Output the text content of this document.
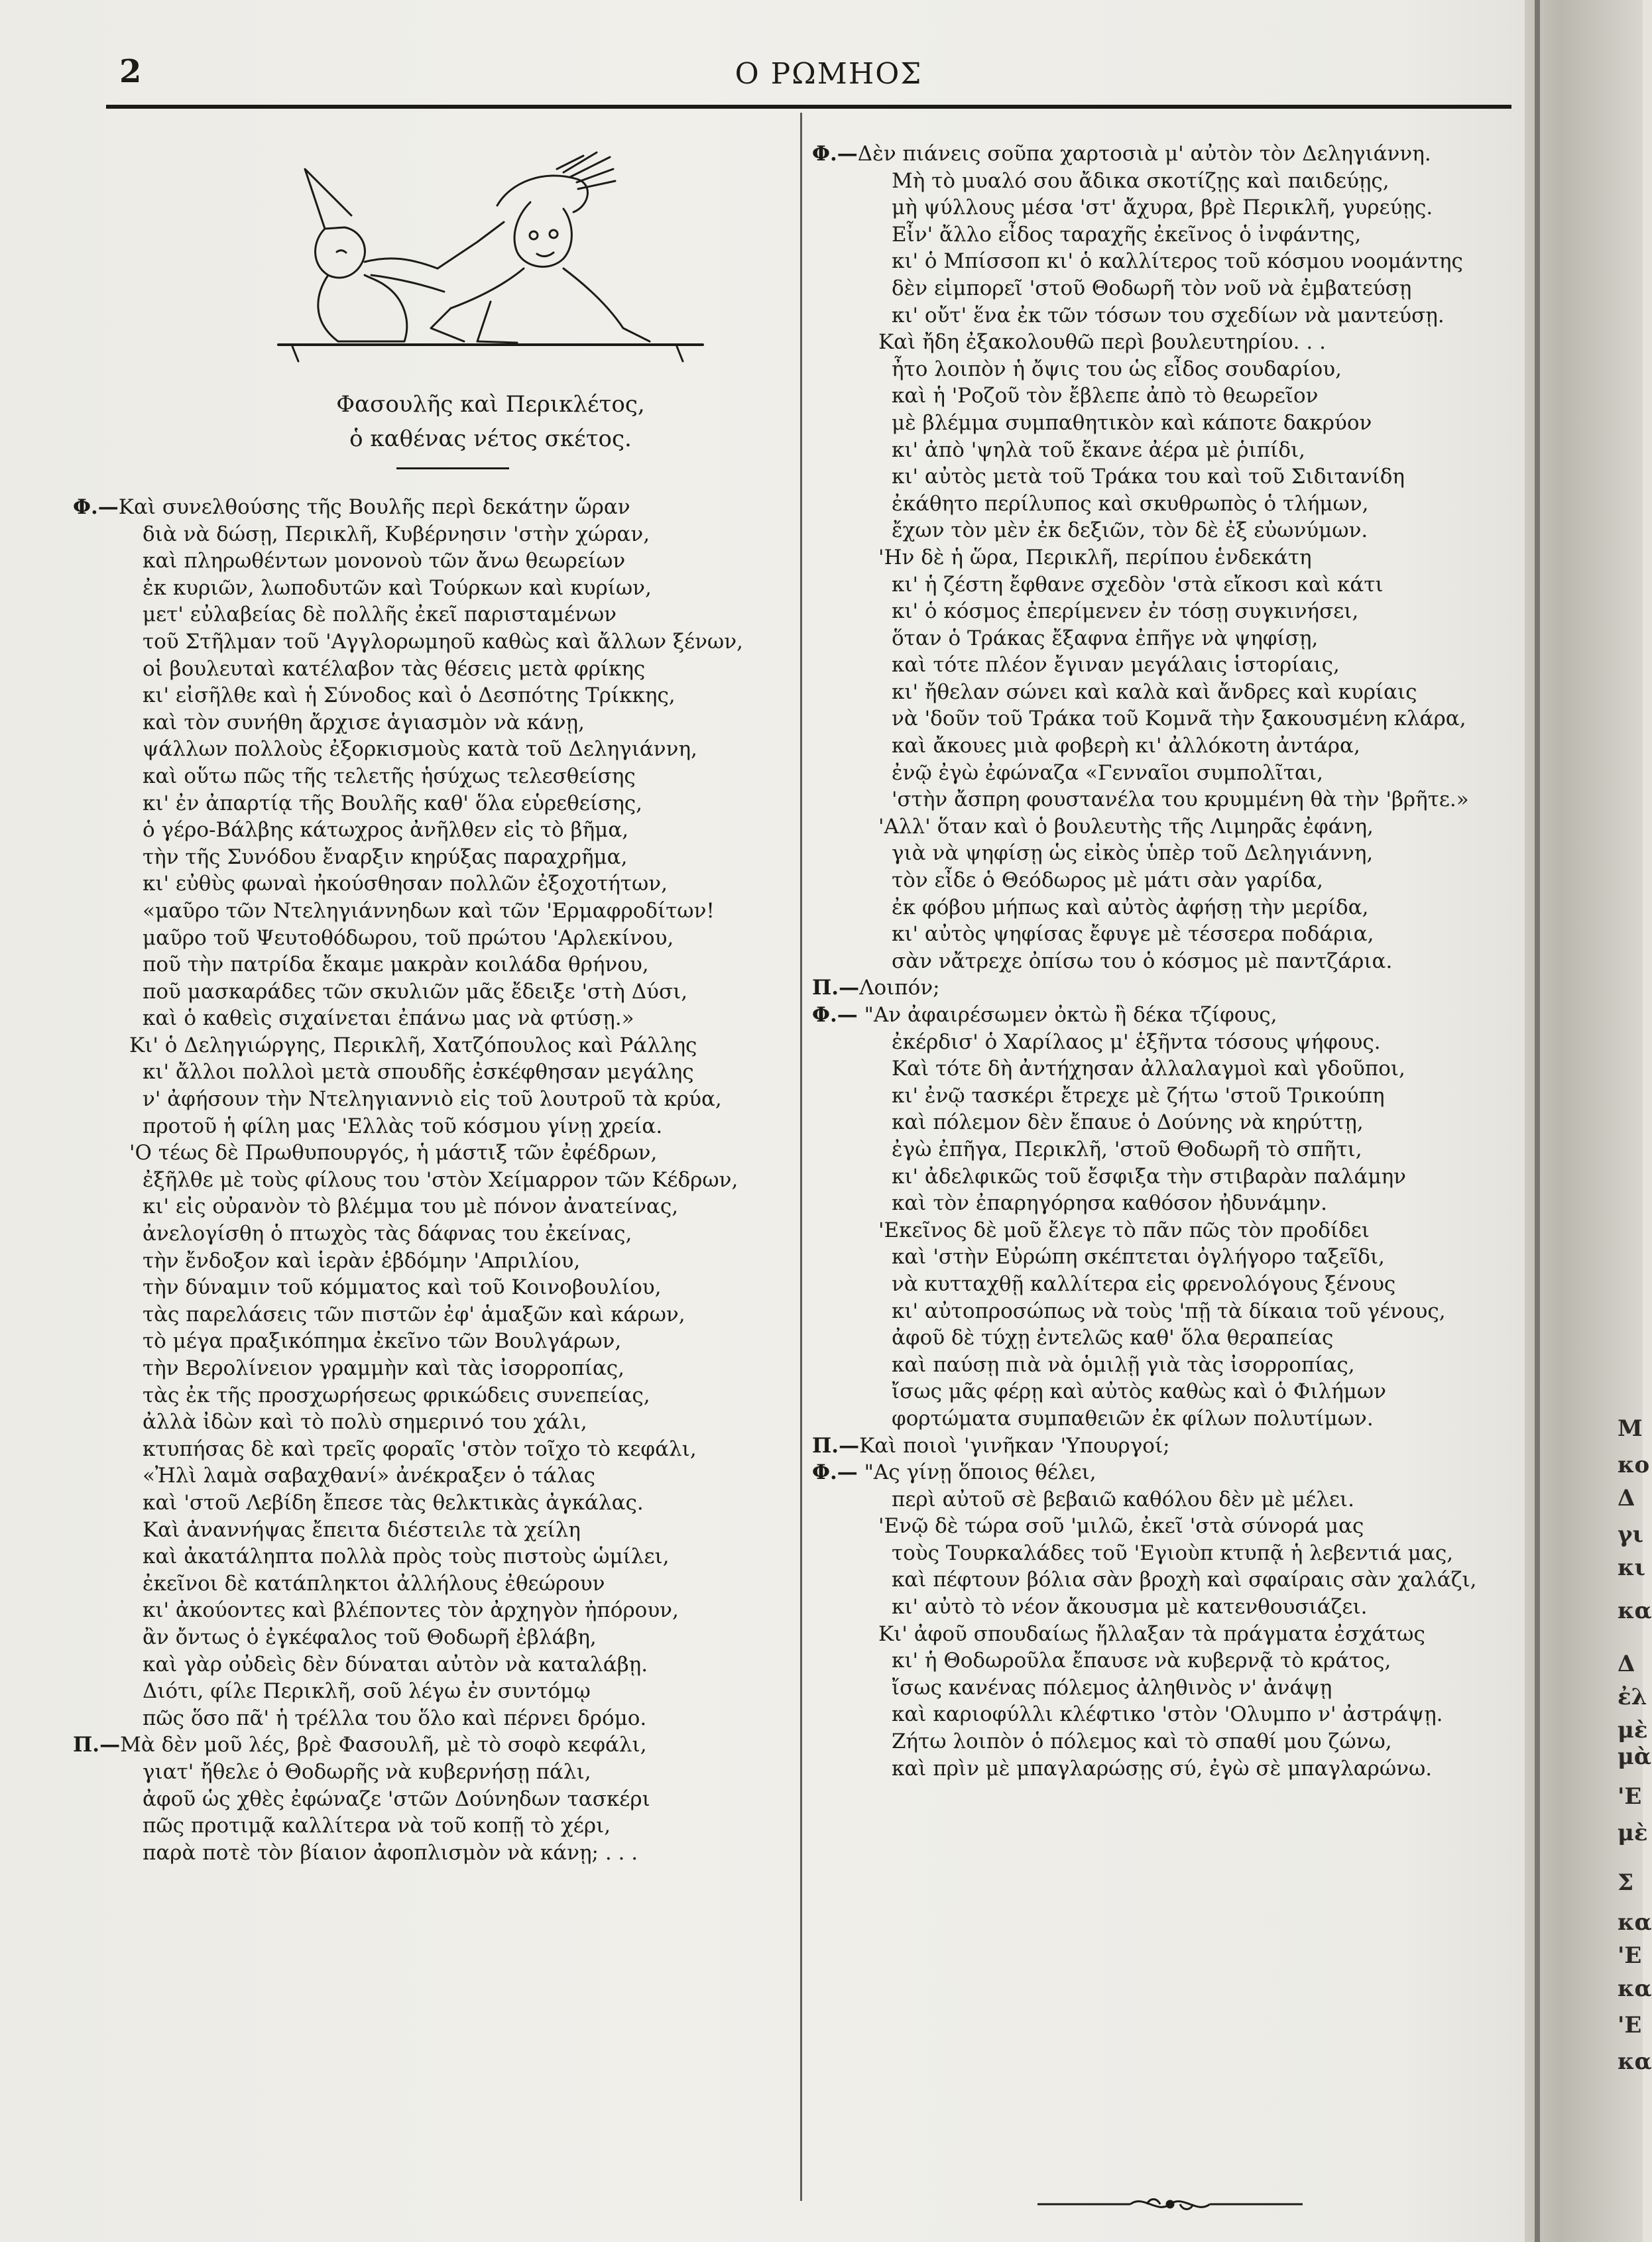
2	Ο ΡΩΜΗΟΣ
Φασουλῆς καὶ Περικλέτος,
ὁ καθένας νέτος σκέτος.
Φ.—Καὶ συνελθούσης τῆς Βουλῆς περὶ δεκάτην ὥραν
διὰ νὰ δώσῃ, Περικλῆ, Κυβέρνησιν 'στὴν χώραν,
καὶ πληρωθέντων μονονοὺ τῶν ἄνω θεωρείων
ἐκ κυριῶν, λωποδυτῶν καὶ Τούρκων καὶ κυρίων,
μετ' εὐλαβείας δὲ πολλῆς ἐκεῖ παρισταμένων
τοῦ Στῆλμαν τοῦ 'Αγγλορωμηοῦ καθὼς καὶ ἄλλων ξένων,
οἱ βουλευταὶ κατέλαβον τὰς θέσεις μετὰ φρίκης
κι' εἰσῆλθε καὶ ἡ Σύνοδος καὶ ὁ Δεσπότης Τρίκκης,
καὶ τὸν συνήθη ἄρχισε ἁγιασμὸν νὰ κάνῃ,
ψάλλων πολλοὺς ἐξορκισμοὺς κατὰ τοῦ Δεληγιάννη,
καὶ οὕτω πῶς τῆς τελετῆς ἡσύχως τελεσθείσης
κι' ἐν ἀπαρτίᾳ τῆς Βουλῆς καθ' ὅλα εὑρεθείσης,
ὁ γέρο-Βάλβης κάτωχρος ἀνῆλθεν εἰς τὸ βῆμα,
τὴν τῆς Συνόδου ἔναρξιν κηρύξας παραχρῆμα,
κι' εὐθὺς φωναὶ ἠκούσθησαν πολλῶν ἐξοχοτήτων,
«μαῦρο τῶν Ντεληγιάννηδων καὶ τῶν 'Ερμαφροδίτων!
μαῦρο τοῦ Ψευτοθόδωρου, τοῦ πρώτου 'Αρλεκίνου,
ποῦ τὴν πατρίδα ἔκαμε μακρὰν κοιλάδα θρήνου,
ποῦ μασκαράδες τῶν σκυλιῶν μᾶς ἔδειξε 'στὴ Δύσι,
καὶ ὁ καθεὶς σιχαίνεται ἐπάνω μας νὰ φτύσῃ.»
Κι' ὁ Δεληγιώργης, Περικλῆ, Χατζόπουλος καὶ Ράλλης
κι' ἄλλοι πολλοὶ μετὰ σπουδῆς ἐσκέφθησαν μεγάλης
ν' ἀφήσουν τὴν Ντεληγιαννιὸ εἰς τοῦ λουτροῦ τὰ κρύα,
προτοῦ ἡ φίλη μας 'Ελλὰς τοῦ κόσμου γίνῃ χρεία.
'Ο τέως δὲ Πρωθυπουργός, ἡ μάστιξ τῶν ἐφέδρων,
ἐξῆλθε μὲ τοὺς φίλους του 'στὸν Χείμαρρον τῶν Κέδρων,
κι' εἰς οὐρανὸν τὸ βλέμμα του μὲ πόνον ἀνατείνας,
ἀνελογίσθη ὁ πτωχὸς τὰς δάφνας του ἐκείνας,
τὴν ἔνδοξον καὶ ἱερὰν ἑβδόμην 'Απριλίου,
τὴν δύναμιν τοῦ κόμματος καὶ τοῦ Κοινοβουλίου,
τὰς παρελάσεις τῶν πιστῶν ἐφ' ἁμαξῶν καὶ κάρων,
τὸ μέγα πραξικόπημα ἐκεῖνο τῶν Βουλγάρων,
τὴν Βερολίνειον γραμμὴν καὶ τὰς ἰσορροπίας,
τὰς ἐκ τῆς προσχωρήσεως φρικώδεις συνεπείας,
ἀλλὰ ἰδὼν καὶ τὸ πολὺ σημερινό του χάλι,
κτυπήσας δὲ καὶ τρεῖς φοραῖς 'στὸν τοῖχο τὸ κεφάλι,
«Ἠλὶ λαμὰ σαβαχθανί» ἀνέκραξεν ὁ τάλας
καὶ 'στοῦ Λεβίδη ἔπεσε τὰς θελκτικὰς ἀγκάλας.
Καὶ ἀναννήψας ἔπειτα διέστειλε τὰ χείλη
καὶ ἀκατάληπτα πολλὰ πρὸς τοὺς πιστοὺς ὡμίλει,
ἐκεῖνοι δὲ κατάπληκτοι ἀλλήλους ἐθεώρουν
κι' ἀκούοντες καὶ βλέποντες τὸν ἀρχηγὸν ἠπόρουν,
ἂν ὄντως ὁ ἐγκέφαλος τοῦ Θοδωρῆ ἐβλάβη,
καὶ γὰρ οὐδεὶς δὲν δύναται αὐτὸν νὰ καταλάβῃ.
Διότι, φίλε Περικλῆ, σοῦ λέγω ἐν συντόμῳ
πῶς ὅσο πᾶ' ἡ τρέλλα του ὅλο καὶ πέρνει δρόμο.
Π.—Μὰ δὲν μοῦ λές, βρὲ Φασουλῆ, μὲ τὸ σοφὸ κεφάλι,
γιατ' ἤθελε ὁ Θοδωρῆς νὰ κυβερνήσῃ πάλι,
ἀφοῦ ὡς χθὲς ἐφώναζε 'στῶν Δούνηδων τασκέρι
πῶς προτιμᾷ καλλίτερα νὰ τοῦ κοπῇ τὸ χέρι,
παρὰ ποτὲ τὸν βίαιον ἀφοπλισμὸν νὰ κάνῃ; . . .
Φ.—Δὲν πιάνεις σοῦπα χαρτοσιὰ μ' αὐτὸν τὸν Δεληγιάννη.
Μὴ τὸ μυαλό σου ἄδικα σκοτίζῃς καὶ παιδεύῃς,
μὴ ψύλλους μέσα 'στ' ἄχυρα, βρὲ Περικλῆ, γυρεύῃς.
Εἶν' ἄλλο εἶδος ταραχῆς ἐκεῖνος ὁ ἰνφάντης,
κι' ὁ Μπίσσοπ κι' ὁ καλλίτερος τοῦ κόσμου νοομάντης
δὲν εἰμπορεῖ 'στοῦ Θοδωρῆ τὸν νοῦ νὰ ἐμβατεύσῃ
κι' οὔτ' ἕνα ἐκ τῶν τόσων του σχεδίων νὰ μαντεύσῃ.
Καὶ ἤδη ἐξακολουθῶ περὶ βουλευτηρίου. . .
ἦτο λοιπὸν ἡ ὄψις του ὡς εἶδος σουδαρίου,
καὶ ἡ 'Ροζοῦ τὸν ἔβλεπε ἀπὸ τὸ θεωρεῖον
μὲ βλέμμα συμπαθητικὸν καὶ κάποτε δακρύον
κι' ἀπὸ 'ψηλὰ τοῦ ἔκανε ἀέρα μὲ ῥιπίδι,
κι' αὐτὸς μετὰ τοῦ Τράκα του καὶ τοῦ Σιδιτανίδη
ἐκάθητο περίλυπος καὶ σκυθρωπὸς ὁ τλήμων,
ἔχων τὸν μὲν ἐκ δεξιῶν, τὸν δὲ ἐξ εὐωνύμων.
'Ην δὲ ἡ ὥρα, Περικλῆ, περίπου ἑνδεκάτη
κι' ἡ ζέστη ἔφθανε σχεδὸν 'στὰ εἴκοσι καὶ κάτι
κι' ὁ κόσμος ἐπερίμενεν ἐν τόσῃ συγκινήσει,
ὅταν ὁ Τράκας ἔξαφνα ἐπῆγε νὰ ψηφίσῃ,
καὶ τότε πλέον ἔγιναν μεγάλαις ἱστορίαις,
κι' ἤθελαν σώνει καὶ καλὰ καὶ ἄνδρες καὶ κυρίαις
νὰ 'δοῦν τοῦ Τράκα τοῦ Κομνᾶ τὴν ξακουσμένη κλάρα,
καὶ ἄκουες μιὰ φοβερὴ κι' ἀλλόκοτη ἀντάρα,
ἐνῷ ἐγὼ ἐφώναζα «Γενναῖοι συμπολῖται,
'στὴν ἄσπρη φουστανέλα του κρυμμένη θὰ τὴν 'βρῆτε.»
'Αλλ' ὅταν καὶ ὁ βουλευτὴς τῆς Λιμηρᾶς ἐφάνη,
γιὰ νὰ ψηφίσῃ ὡς εἰκὸς ὑπὲρ τοῦ Δεληγιάννη,
τὸν εἶδε ὁ Θεόδωρος μὲ μάτι σὰν γαρίδα,
ἐκ φόβου μήπως καὶ αὐτὸς ἀφήσῃ τὴν μερίδα,
κι' αὐτὸς ψηφίσας ἔφυγε μὲ τέσσερα ποδάρια,
σὰν νἄτρεχε ὀπίσω του ὁ κόσμος μὲ παντζάρια.
Π.—Λοιπόν;
Φ.— "Αν ἀφαιρέσωμεν ὀκτὼ ἢ δέκα τζίφους,
ἐκέρδισ' ὁ Χαρίλαος μ' ἑξῆντα τόσους ψήφους.
Καὶ τότε δὴ ἀντήχησαν ἀλλαλαγμοὶ καὶ γδοῦποι,
κι' ἐνῷ τασκέρι ἔτρεχε μὲ ζήτω 'στοῦ Τρικούπη
καὶ πόλεμον δὲν ἔπαυε ὁ Δούνης νὰ κηρύττῃ,
ἐγὼ ἐπῆγα, Περικλῆ, 'στοῦ Θοδωρῆ τὸ σπῆτι,
κι' ἀδελφικῶς τοῦ ἔσφιξα τὴν στιβαρὰν παλάμην
καὶ τὸν ἐπαρηγόρησα καθόσον ἠδυνάμην.
'Εκεῖνος δὲ μοῦ ἔλεγε τὸ πᾶν πῶς τὸν προδίδει
καὶ 'στὴν Εὐρώπη σκέπτεται ὀγλήγορο ταξεῖδι,
νὰ κυτταχθῇ καλλίτερα εἰς φρενολόγους ξένους
κι' αὐτοπροσώπως νὰ τοὺς 'πῇ τὰ δίκαια τοῦ γένους,
ἀφοῦ δὲ τύχῃ ἐντελῶς καθ' ὅλα θεραπείας
καὶ παύσῃ πιὰ νὰ ὁμιλῇ γιὰ τὰς ἰσορροπίας,
ἴσως μᾶς φέρῃ καὶ αὐτὸς καθὼς καὶ ὁ Φιλήμων
φορτώματα συμπαθειῶν ἐκ φίλων πολυτίμων.
Π.—Καὶ ποιοὶ 'γινῆκαν 'Υπουργοί;
Φ.— "Ας γίνῃ ὅποιος θέλει,
περὶ αὐτοῦ σὲ βεβαιῶ καθόλου δὲν μὲ μέλει.
'Ενῷ δὲ τώρα σοῦ 'μιλῶ, ἐκεῖ 'στὰ σύνορά μας
τοὺς Τουρκαλάδες τοῦ 'Εγιοὺπ κτυπᾷ ἡ λεβεντιά μας,
καὶ πέφτουν βόλια σὰν βροχὴ καὶ σφαίραις σὰν χαλάζι,
κι' αὐτὸ τὸ νέον ἄκουσμα μὲ κατενθουσιάζει.
Κι' ἀφοῦ σπουδαίως ἤλλαξαν τὰ πράγματα ἐσχάτως
κι' ἡ Θοδωροῦλα ἔπαυσε νὰ κυβερνᾷ τὸ κράτος,
ἴσως κανένας πόλεμος ἀληθινὸς ν' ἀνάψῃ
καὶ καριοφύλλι κλέφτικο 'στὸν 'Ολυμπο ν' ἀστράψῃ.
Ζήτω λοιπὸν ὁ πόλεμος καὶ τὸ σπαθί μου ζώνω,
καὶ πρὶν μὲ μπαγλαρώσῃς σύ, ἐγὼ σὲ μπαγλαρώνω.
Μ
κο
Δ
γι
κι
κα
Δ
ἐλ
μὲ
μὰ
'Ε
μὲ
Σ
κα
'Ε
κα
'Ε
κα
